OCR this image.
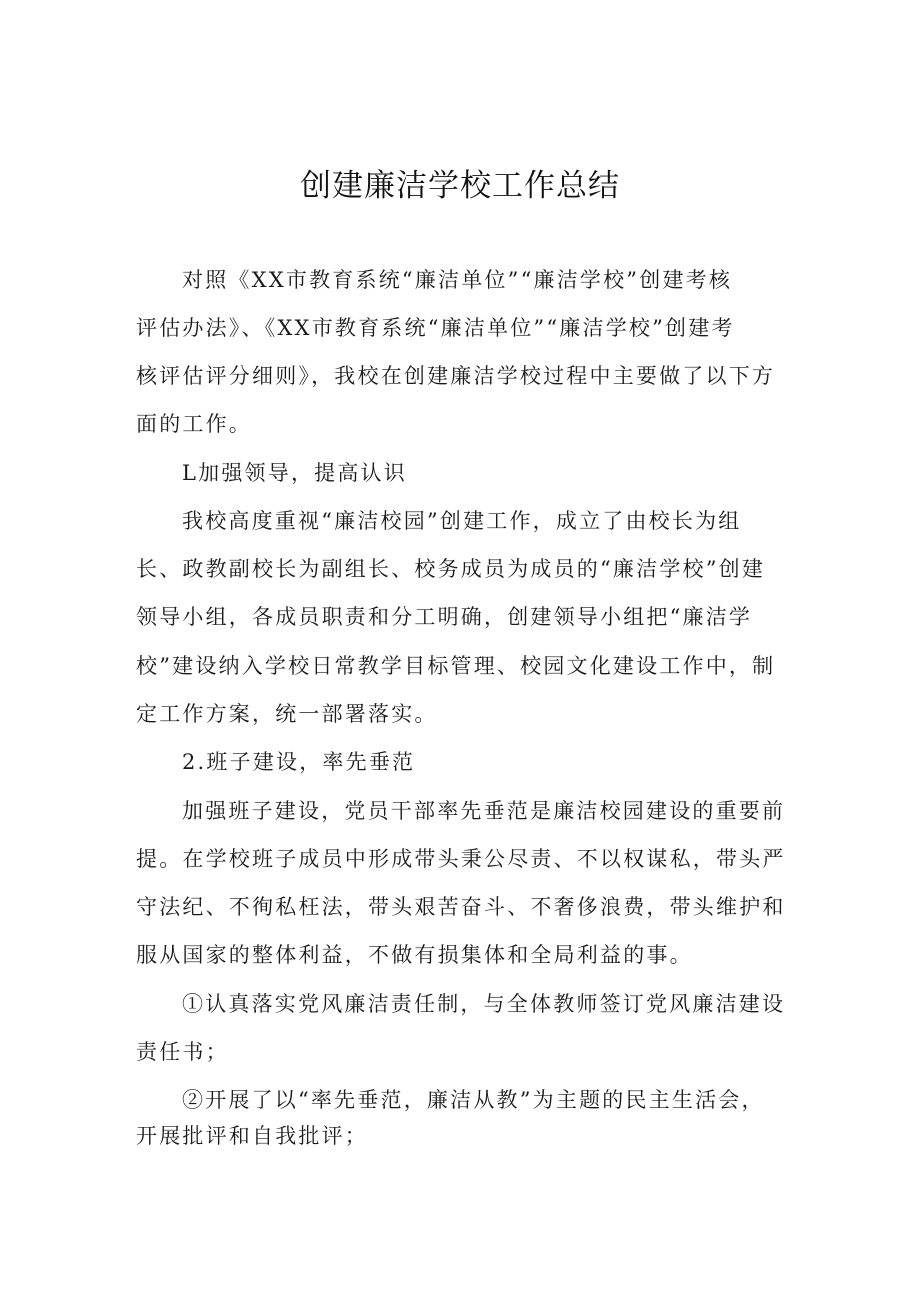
创建廉洁学校工作总结
对照《XX市教育系统“廉洁单位”“廉洁学校”创建考核
评估办法》、《XX市教育系统“廉洁单位”“廉洁学校”创建考
核评估评分细则》，我校在创建廉洁学校过程中主要做了以下方
面的工作。
L加强领导，提高认识
我校高度重视“廉洁校园”创建工作，成立了由校长为组
长、政教副校长为副组长、校务成员为成员的“廉洁学校”创建
领导小组，各成员职责和分工明确，创建领导小组把“廉洁学
校”建设纳入学校日常教学目标管理、校园文化建设工作中，制
定工作方案，统一部署落实。
2.班子建设，率先垂范
加强班子建设，党员干部率先垂范是廉洁校园建设的重要前
提。在学校班子成员中形成带头秉公尽责、不以权谋私，带头严
守法纪、不徇私枉法，带头艰苦奋斗、不奢侈浪费，带头维护和
服从国家的整体利益，不做有损集体和全局利益的事。
①认真落实党风廉洁责任制，与全体教师签订党风廉洁建设
责任书；
②开展了以“率先垂范，廉洁从教”为主题的民主生活会，
开展批评和自我批评；
